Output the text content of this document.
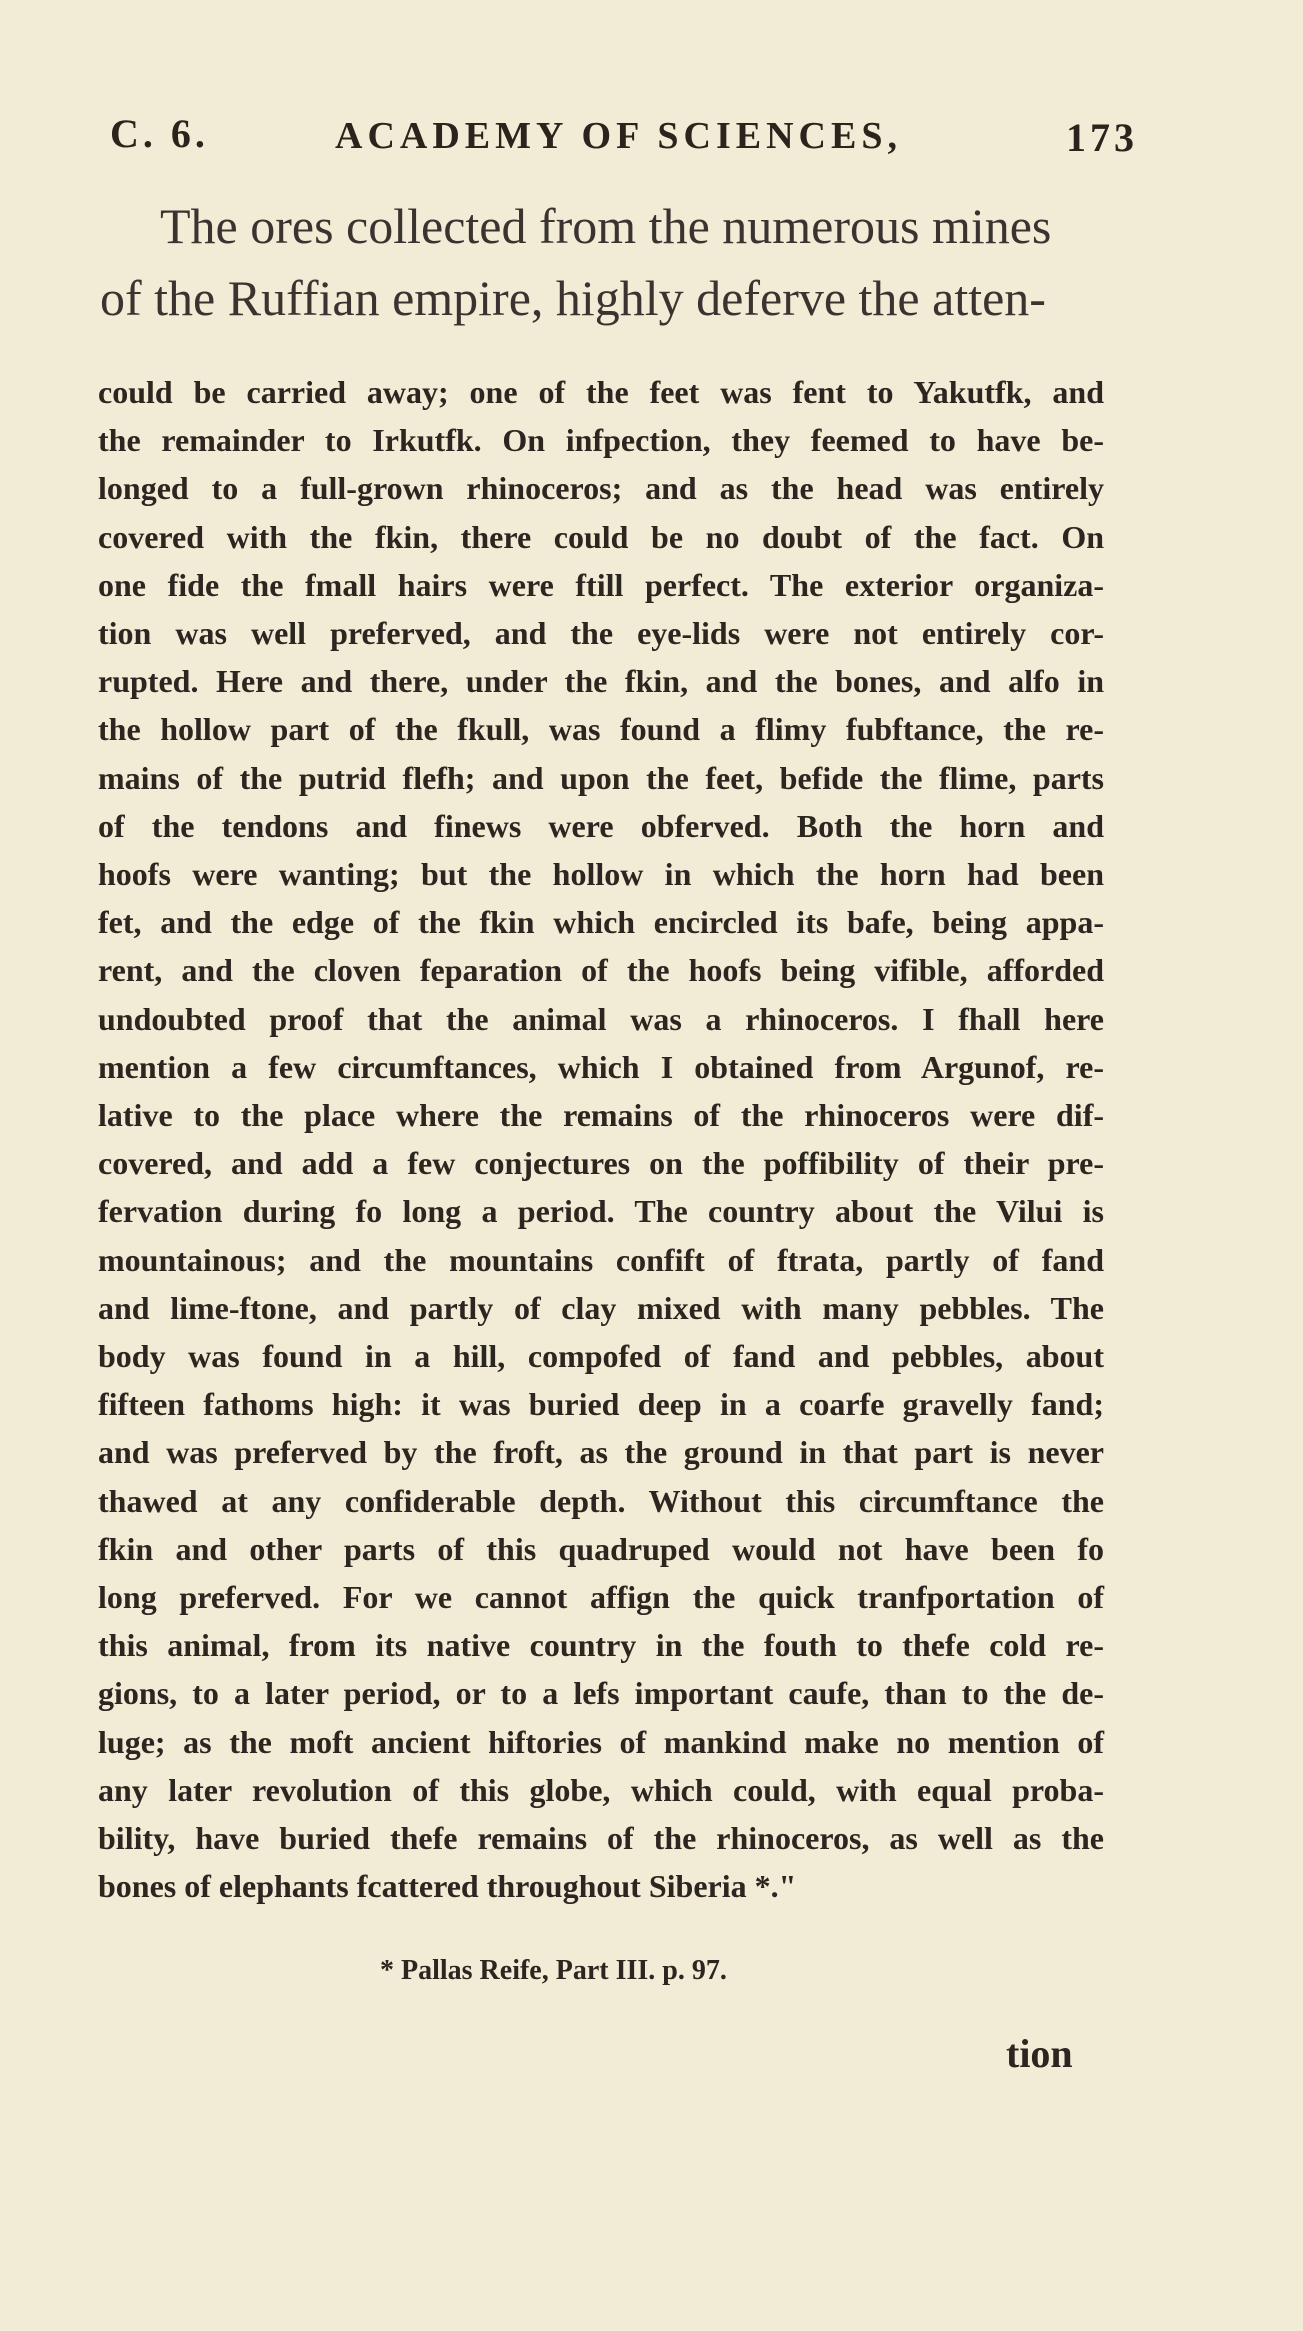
C. 6.	ACADEMY OF SCIENCES,	173
The ores collected from the numerous mines
of the Ruffian empire, highly deferve the atten-
could be carried away; one of the feet was fent to Yakutfk, and
the remainder to Irkutfk. On infpection, they feemed to have be-
longed to a full-grown rhinoceros; and as the head was entirely
covered with the fkin, there could be no doubt of the fact. On
one fide the fmall hairs were ftill perfect. The exterior organiza-
tion was well preferved, and the eye-lids were not entirely cor-
rupted. Here and there, under the fkin, and the bones, and alfo in
the hollow part of the fkull, was found a flimy fubftance, the re-
mains of the putrid flefh; and upon the feet, befide the flime, parts
of the tendons and finews were obferved. Both the horn and
hoofs were wanting; but the hollow in which the horn had been
fet, and the edge of the fkin which encircled its bafe, being appa-
rent, and the cloven feparation of the hoofs being vifible, afforded
undoubted proof that the animal was a rhinoceros. I fhall here
mention a few circumftances, which I obtained from Argunof, re-
lative to the place where the remains of the rhinoceros were dif-
covered, and add a few conjectures on the poffibility of their pre-
fervation during fo long a period. The country about the Vilui is
mountainous; and the mountains confift of ftrata, partly of fand
and lime-ftone, and partly of clay mixed with many pebbles. The
body was found in a hill, compofed of fand and pebbles, about
fifteen fathoms high: it was buried deep in a coarfe gravelly fand;
and was preferved by the froft, as the ground in that part is never
thawed at any confiderable depth. Without this circumftance the
fkin and other parts of this quadruped would not have been fo
long preferved. For we cannot affign the quick tranfportation of
this animal, from its native country in the fouth to thefe cold re-
gions, to a later period, or to a lefs important caufe, than to the de-
luge; as the moft ancient hiftories of mankind make no mention of
any later revolution of this globe, which could, with equal proba-
bility, have buried thefe remains of the rhinoceros, as well as the
bones of elephants fcattered throughout Siberia *."
* Pallas Reife, Part III. p. 97.
tion
